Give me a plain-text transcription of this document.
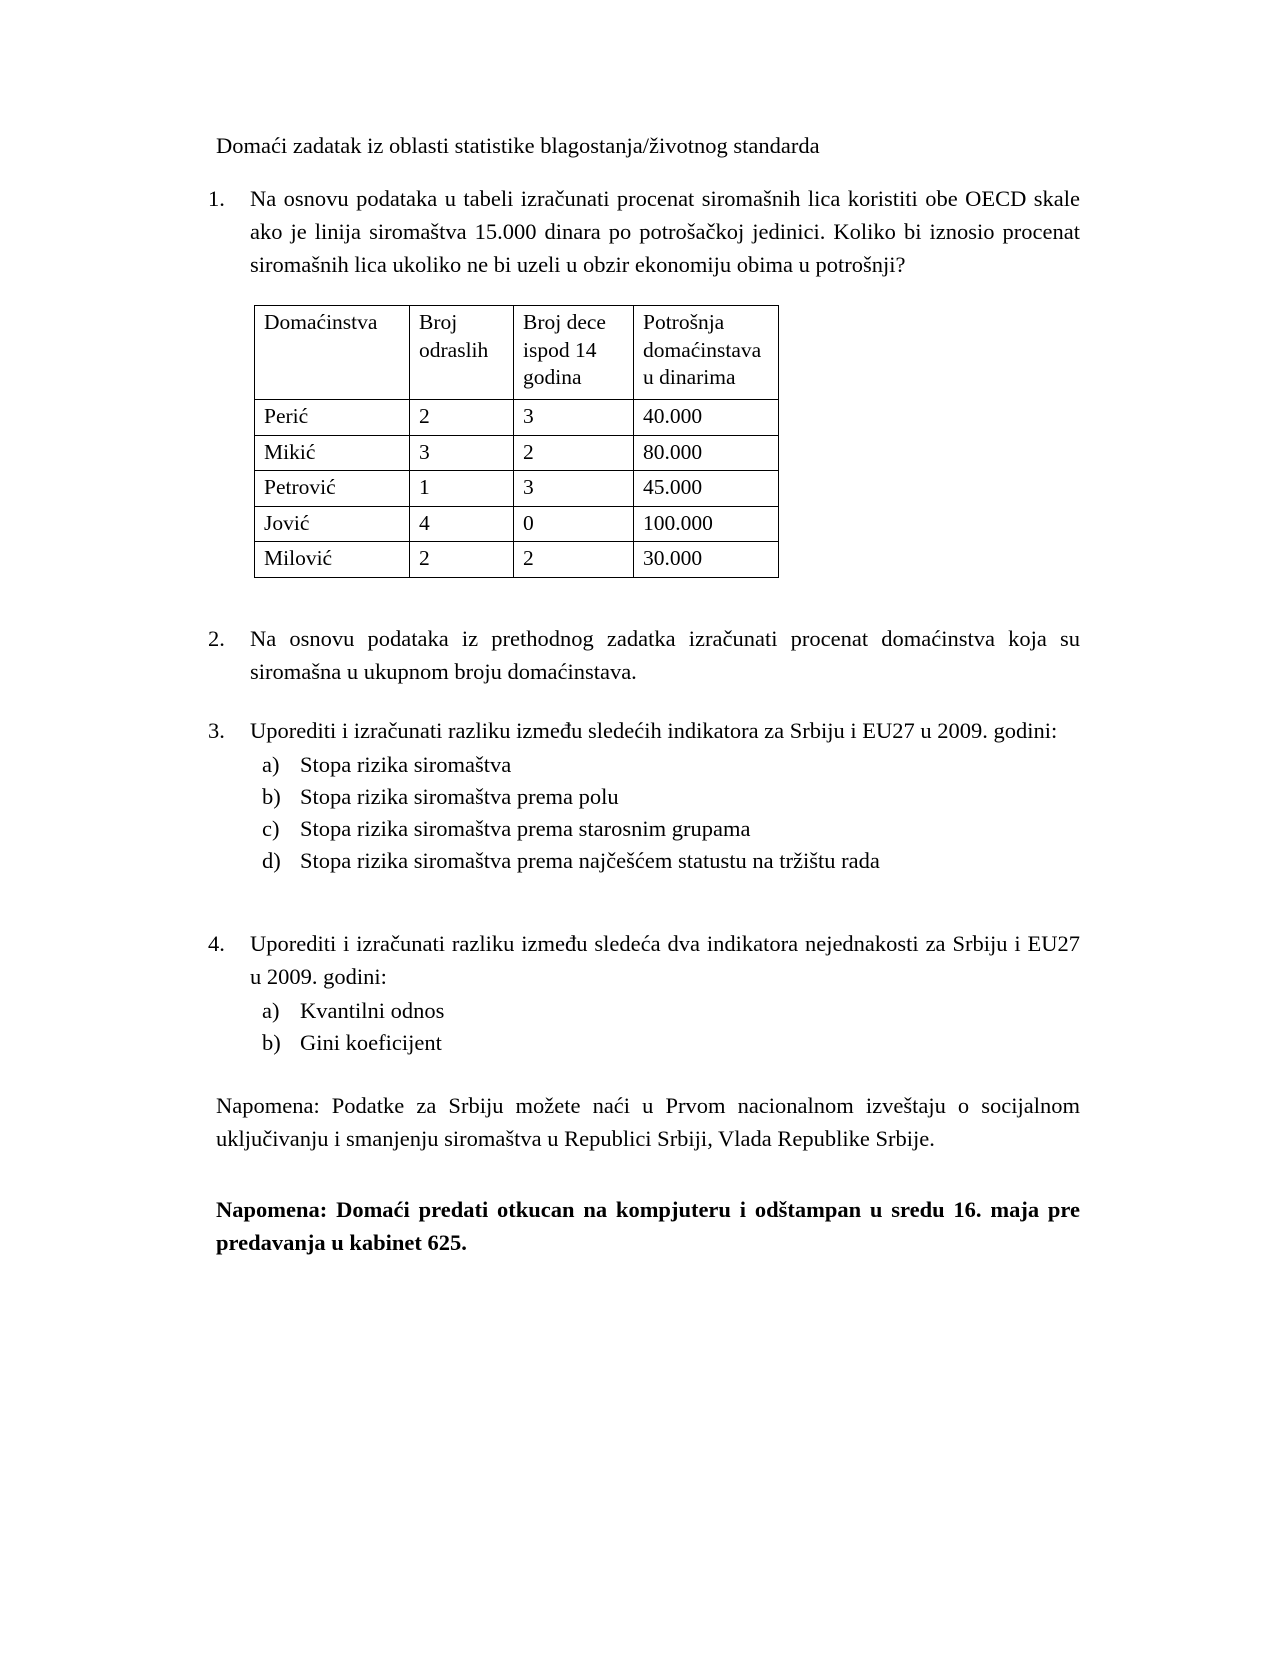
Domaći zadatak iz oblasti statistike blagostanja/životnog standarda

1.	Na osnovu podataka u tabeli izračunati procenat siromašnih lica koristiti obe OECD skale ako je linija siromaštva 15.000 dinara po potrošačkoj jedinici. Koliko bi iznosio procenat siromašnih lica ukoliko ne bi uzeli u obzir ekonomiju obima u potrošnji?
Domaćinstva	Broj odraslih	Broj dece ispod 14 godina	Potrošnja domaćinstava u dinarima
Perić	2	3	40.000
Mikić	3	2	80.000
Petrović	1	3	45.000
Jović	4	0	100.000
Milović	2	2	30.000
2.	Na osnovu podataka iz prethodnog zadatka izračunati procenat domaćinstva koja su siromašna u ukupnom broju domaćinstava.
3.	Uporediti i izračunati razliku između sledećih indikatora za Srbiju i EU27 u 2009. godini:
a) Stopa rizika siromaštva
b) Stopa rizika siromaštva prema polu
c) Stopa rizika siromaštva prema starosnim grupama
d) Stopa rizika siromaštva prema najčešćem statustu na tržištu rada
4.	Uporediti i izračunati razliku između sledeća dva indikatora nejednakosti za Srbiju i EU27 u 2009. godini:
a) Kvantilni odnos
b) Gini koeficijent

Napomena: Podatke za Srbiju možete naći u Prvom nacionalnom izveštaju o socijalnom uključivanju i smanjenju siromaštva u Republici Srbiji, Vlada Republike Srbije.

Napomena: Domaći predati otkucan na kompjuteru i odštampan u sredu 16. maja pre predavanja u kabinet 625.
